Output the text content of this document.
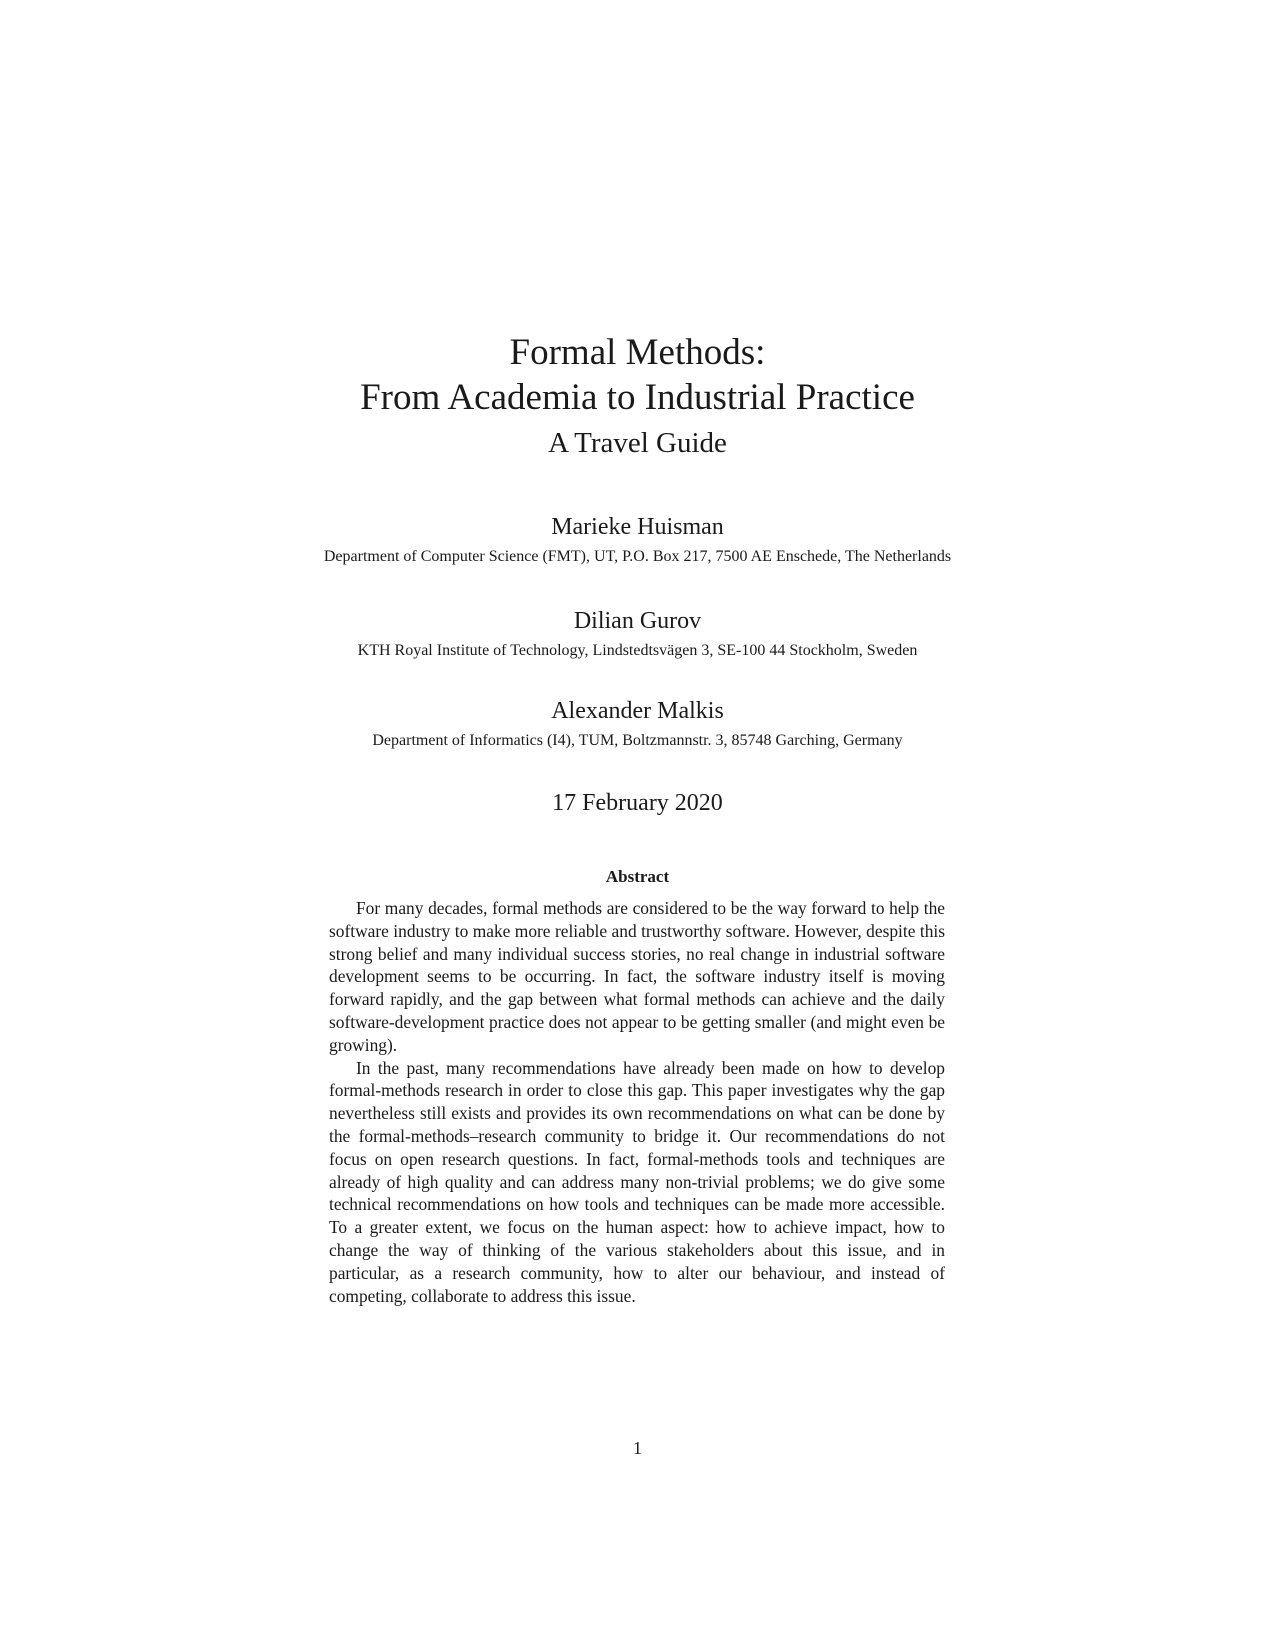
Formal Methods:
From Academia to Industrial Practice
A Travel Guide
Marieke Huisman
Department of Computer Science (FMT), UT, P.O. Box 217, 7500 AE Enschede, The Netherlands
Dilian Gurov
KTH Royal Institute of Technology, Lindstedtsvägen 3, SE-100 44 Stockholm, Sweden
Alexander Malkis
Department of Informatics (I4), TUM, Boltzmannstr. 3, 85748 Garching, Germany
17 February 2020
Abstract

For many decades, formal methods are considered to be the way forward to help the software industry to make more reliable and trustworthy software. However, despite this strong belief and many individual success stories, no real change in industrial software development seems to be occurring. In fact, the software industry itself is moving forward rapidly, and the gap between what formal methods can achieve and the daily software-development practice does not appear to be getting smaller (and might even be growing).

In the past, many recommendations have already been made on how to develop formal-methods research in order to close this gap. This paper investigates why the gap nevertheless still exists and provides its own recommendations on what can be done by the formal-methods–research community to bridge it. Our recommendations do not focus on open research questions. In fact, formal-methods tools and techniques are already of high quality and can address many non-trivial problems; we do give some technical recommendations on how tools and techniques can be made more accessible. To a greater extent, we focus on the human aspect: how to achieve impact, how to change the way of thinking of the various stakeholders about this issue, and in particular, as a research community, how to alter our behaviour, and instead of competing, collaborate to address this issue.

1
